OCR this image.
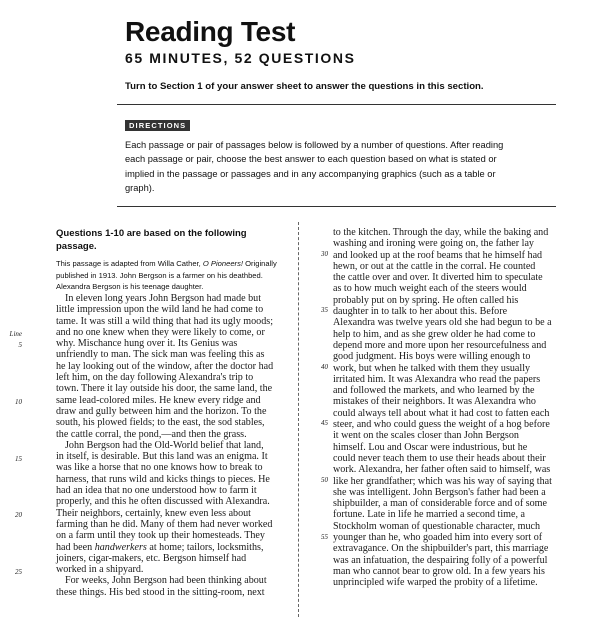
Reading Test
65 MINUTES, 52 QUESTIONS
Turn to Section 1 of your answer sheet to answer the questions in this section.
DIRECTIONS
Each passage or pair of passages below is followed by a number of questions. After reading each passage or pair, choose the best answer to each question based on what is stated or implied in the passage or passages and in any accompanying graphics (such as a table or graph).
Questions 1-10 are based on the following passage.
This passage is adapted from Willa Cather, O Pioneers! Originally published in 1913. John Bergson is a farmer on his deathbed. Alexandra Bergson is his teenage daughter.
In eleven long years John Bergson had made but
little impression upon the wild land he had come to
tame. It was still a wild thing that had its ugly moods;
and no one knew when they were likely to come, or
why. Mischance hung over it. Its Genius was
unfriendly to man. The sick man was feeling this as
he lay looking out of the window, after the doctor had
left him, on the day following Alexandra's trip to
town. There it lay outside his door, the same land, the
same lead-colored miles. He knew every ridge and
draw and gully between him and the horizon. To the
south, his plowed fields; to the east, the sod stables,
the cattle corral, the pond,—and then the grass.
John Bergson had the Old-World belief that land,
in itself, is desirable. But this land was an enigma. It
was like a horse that no one knows how to break to
harness, that runs wild and kicks things to pieces. He
had an idea that no one understood how to farm it
properly, and this he often discussed with Alexandra.
Their neighbors, certainly, knew even less about
farming than he did. Many of them had never worked
on a farm until they took up their homesteads. They
had been handwerkers at home; tailors, locksmiths,
joiners, cigar-makers, etc. Bergson himself had
worked in a shipyard.
For weeks, John Bergson had been thinking about
these things. His bed stood in the sitting-room, next
to the kitchen. Through the day, while the baking and
washing and ironing were going on, the father lay
and looked up at the roof beams that he himself had
hewn, or out at the cattle in the corral. He counted
the cattle over and over. It diverted him to speculate
as to how much weight each of the steers would
probably put on by spring. He often called his
daughter in to talk to her about this. Before
Alexandra was twelve years old she had begun to be a
help to him, and as she grew older he had come to
depend more and more upon her resourcefulness and
good judgment. His boys were willing enough to
work, but when he talked with them they usually
irritated him. It was Alexandra who read the papers
and followed the markets, and who learned by the
mistakes of their neighbors. It was Alexandra who
could always tell about what it had cost to fatten each
steer, and who could guess the weight of a hog before
it went on the scales closer than John Bergson
himself. Lou and Oscar were industrious, but he
could never teach them to use their heads about their
work. Alexandra, her father often said to himself, was
like her grandfather; which was his way of saying that
she was intelligent. John Bergson's father had been a
shipbuilder, a man of considerable force and of some
fortune. Late in life he married a second time, a
Stockholm woman of questionable character, much
younger than he, who goaded him into every sort of
extravagance. On the shipbuilder's part, this marriage
was an infatuation, the despairing folly of a powerful
man who cannot bear to grow old. In a few years his
unprincipled wife warped the probity of a lifetime.
Line
5
10
15
20
25
30
35
40
45
50
55
